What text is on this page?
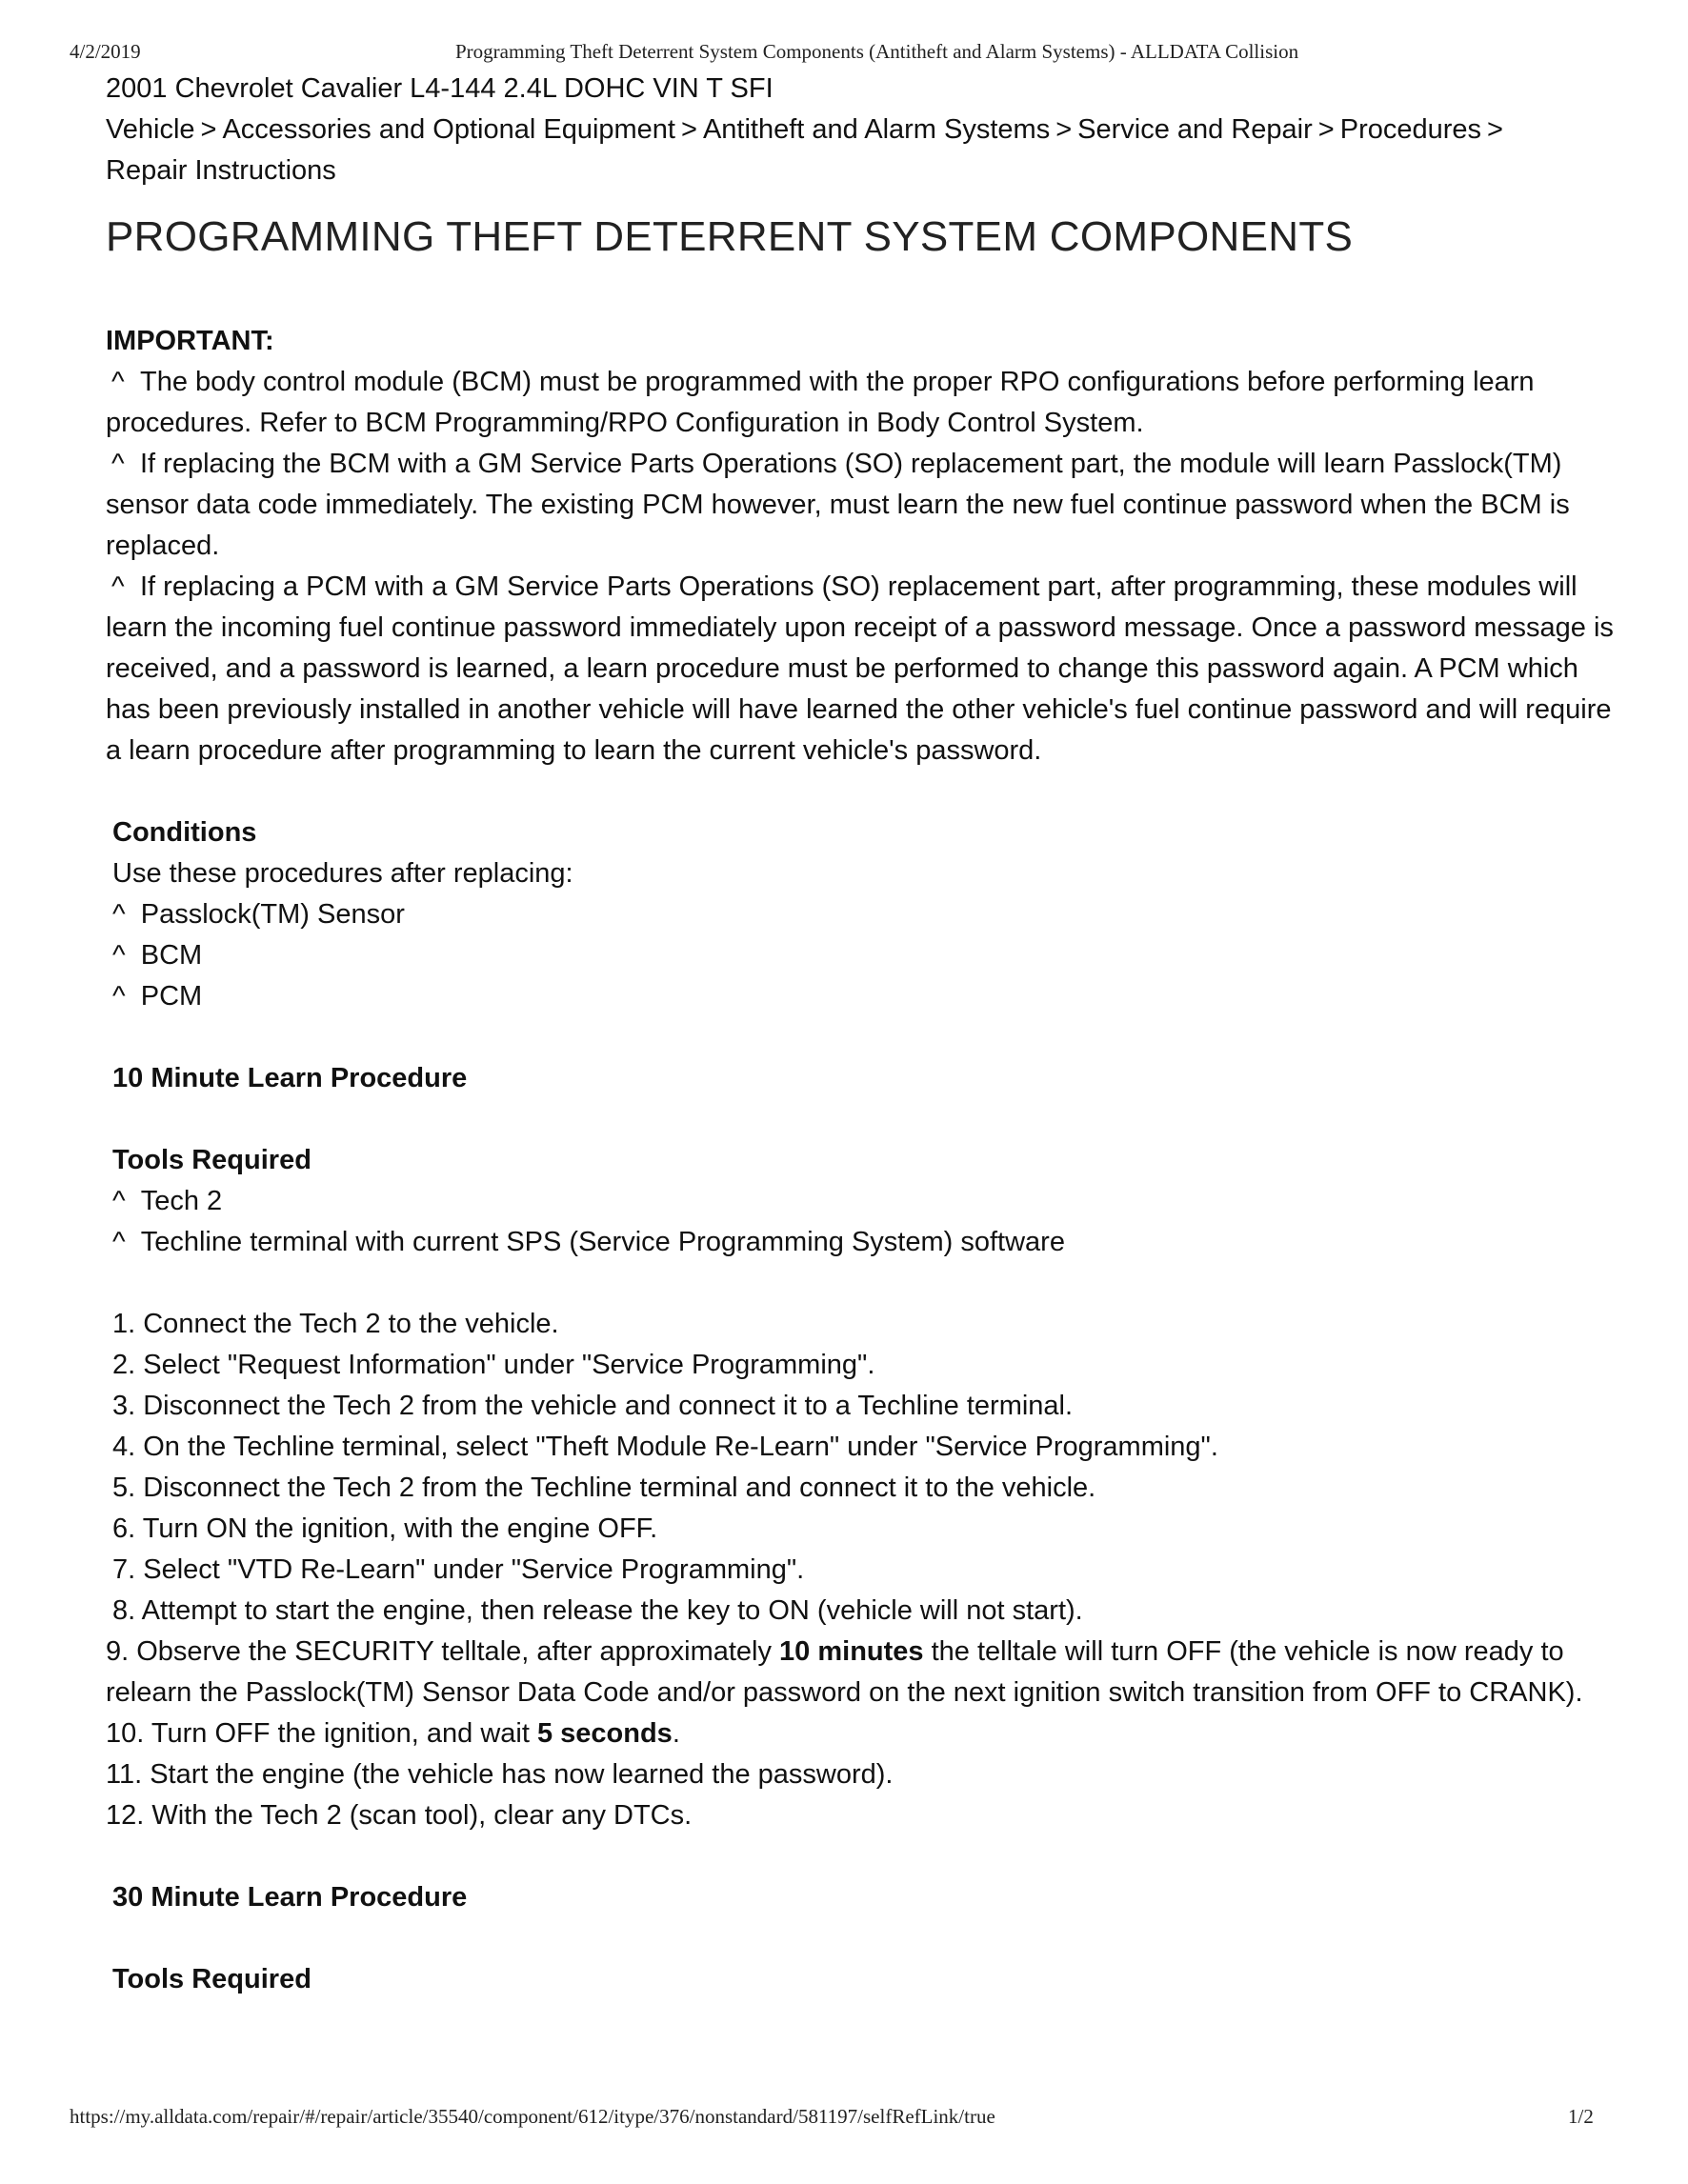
4/2/2019	Programming Theft Deterrent System Components (Antitheft and Alarm Systems) - ALLDATA Collision

2001 Chevrolet Cavalier L4-144 2.4L DOHC VIN T SFI

Vehicle > Accessories and Optional Equipment > Antitheft and Alarm Systems > Service and Repair > Procedures >
Repair Instructions

PROGRAMMING THEFT DETERRENT SYSTEM COMPONENTS

IMPORTANT:

^ The body control module (BCM) must be programmed with the proper RPO configurations before performing learn procedures. Refer to BCM Programming/RPO Configuration in Body Control System.

^ If replacing the BCM with a GM Service Parts Operations (SO) replacement part, the module will learn Passlock(TM) sensor data code immediately. The existing PCM however, must learn the new fuel continue password when the BCM is replaced.

^ If replacing a PCM with a GM Service Parts Operations (SO) replacement part, after programming, these modules will learn the incoming fuel continue password immediately upon receipt of a password message. Once a password message is received, and a password is learned, a learn procedure must be performed to change this password again. A PCM which has been previously installed in another vehicle will have learned the other vehicle's fuel continue password and will require a learn procedure after programming to learn the current vehicle's password.

Conditions

Use these procedures after replacing:

^ Passlock(TM) Sensor

^ BCM

^ PCM

10 Minute Learn Procedure

Tools Required

^ Tech 2

^ Techline terminal with current SPS (Service Programming System) software

1. Connect the Tech 2 to the vehicle.

2. Select "Request Information" under "Service Programming".

3. Disconnect the Tech 2 from the vehicle and connect it to a Techline terminal.

4. On the Techline terminal, select "Theft Module Re-Learn" under "Service Programming".

5. Disconnect the Tech 2 from the Techline terminal and connect it to the vehicle.

6. Turn ON the ignition, with the engine OFF.

7. Select "VTD Re-Learn" under "Service Programming".

8. Attempt to start the engine, then release the key to ON (vehicle will not start).

9. Observe the SECURITY telltale, after approximately 10 minutes the telltale will turn OFF (the vehicle is now ready to relearn the Passlock(TM) Sensor Data Code and/or password on the next ignition switch transition from OFF to CRANK).

10. Turn OFF the ignition, and wait 5 seconds.

11. Start the engine (the vehicle has now learned the password).

12. With the Tech 2 (scan tool), clear any DTCs.

30 Minute Learn Procedure

Tools Required

https://my.alldata.com/repair/#/repair/article/35540/component/612/itype/376/nonstandard/581197/selfRefLink/true	1/2
